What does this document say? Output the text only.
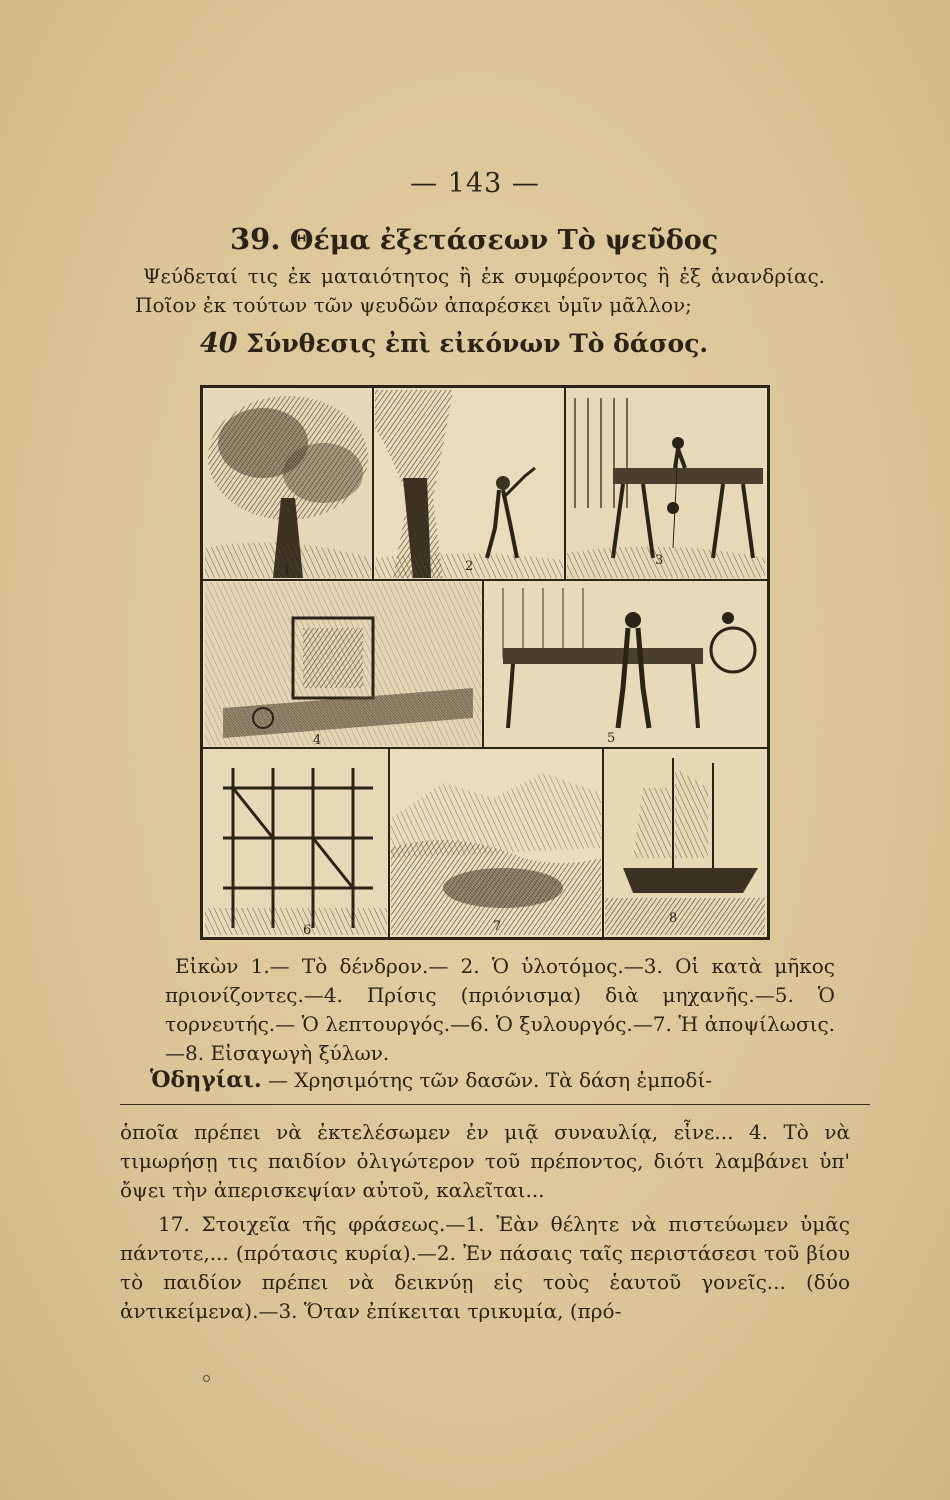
— 143 —
39. Θέμα ἐξετάσεων Τὸ ψεῦδος
Ψεύδεταί τις ἐκ ματαιότητος ἢ ἐκ συμφέροντος ἢ ἐξ ἀνανδρίας. Ποῖον ἐκ τούτων τῶν ψευδῶν ἀπαρέσκει ὑμῖν μᾶλλον;
40 Σύνθεσις ἐπὶ εἰκόνων Τὸ δάσος.
1	2	3
4	5
6	7
8
Εἰκὼν 1.— Τὸ δένδρον.— 2. Ὁ ὑλοτόμος.—3. Οἱ κατὰ μῆκος πριονίζοντες.—4. Πρίσις (πριόνισμα) διὰ μηχανῆς.—5. Ὁ τορνευτής.— Ὁ λεπτουργός.—6. Ὁ ξυλουργός.—7. Ἡ ἀποψίλωσις.—8. Εἰσαγωγὴ ξύλων.
Ὁδηγίαι. — Χρησιμότης τῶν δασῶν. Τὰ δάση ἐμποδί-
ὁποῖα πρέπει νὰ ἐκτελέσωμεν ἐν μιᾷ συναυλίᾳ, εἶνε... 4. Τὸ νὰ τιμωρήσῃ τις παιδίον ὀλιγώτερον τοῦ πρέποντος, διότι λαμβάνει ὑπ' ὄψει τὴν ἀπερισκεψίαν αὐτοῦ, καλεῖται...
17. Στοιχεῖα τῆς φράσεως.—1. Ἐὰν θέλητε νὰ πιστεύωμεν ὑμᾶς πάντοτε,... (πρότασις κυρία).—2. Ἐν πάσαις ταῖς περιστάσεσι τοῦ βίου τὸ παιδίον πρέπει νὰ δεικνύῃ εἰς τοὺς ἑαυτοῦ γονεῖς... (δύο ἀντικείμενα).—3. Ὅταν ἐπίκειται τρικυμία, (πρό-
